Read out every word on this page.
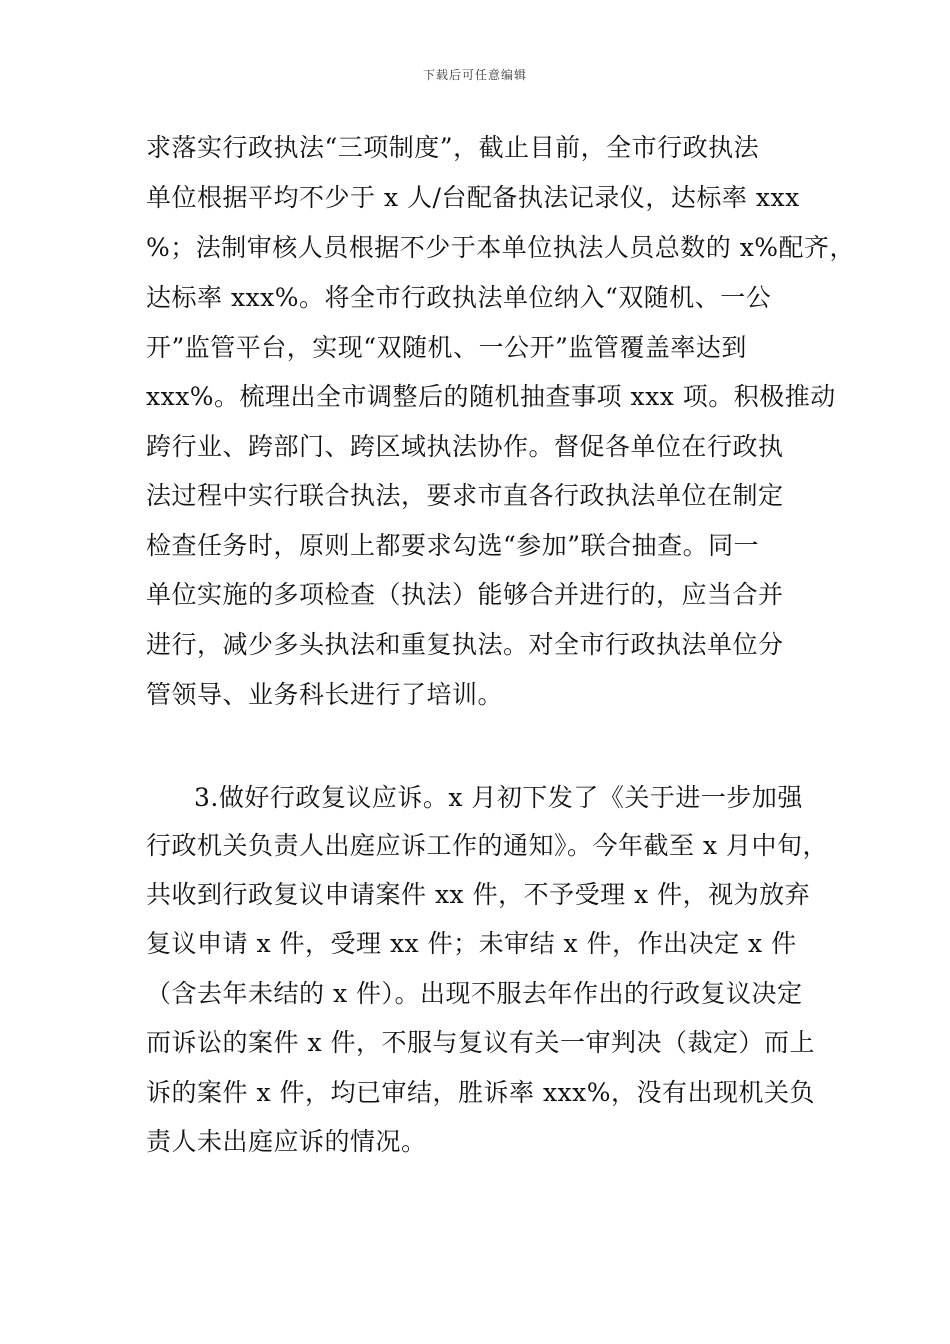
下载后可任意编辑

求落实行政执法“三项制度”，截止目前，全市行政执法

单位根据平均不少于 x 人/台配备执法记录仪，达标率 xxx

%；法制审核人员根据不少于本单位执法人员总数的 x%配齐，

达标率 xxx%。将全市行政执法单位纳入“双随机、一公

开”监管平台，实现“双随机、一公开”监管覆盖率达到

xxx%。梳理出全市调整后的随机抽查事项 xxx 项。积极推动

跨行业、跨部门、跨区域执法协作。督促各单位在行政执

法过程中实行联合执法，要求市直各行政执法单位在制定

检查任务时，原则上都要求勾选“参加”联合抽查。同一

单位实施的多项检查（执法）能够合并进行的，应当合并

进行，减少多头执法和重复执法。对全市行政执法单位分

管领导、业务科长进行了培训。

3.做好行政复议应诉。x 月初下发了《关于进一步加强

行政机关负责人出庭应诉工作的通知》。今年截至 x 月中旬，

共收到行政复议申请案件 xx 件，不予受理 x 件，视为放弃

复议申请 x 件，受理 xx 件；未审结 x 件，作出决定 x 件

（含去年未结的 x 件）。出现不服去年作出的行政复议决定

而诉讼的案件 x 件，不服与复议有关一审判决（裁定）而上

诉的案件 x 件，均已审结，胜诉率 xxx%，没有出现机关负

责人未出庭应诉的情况。
